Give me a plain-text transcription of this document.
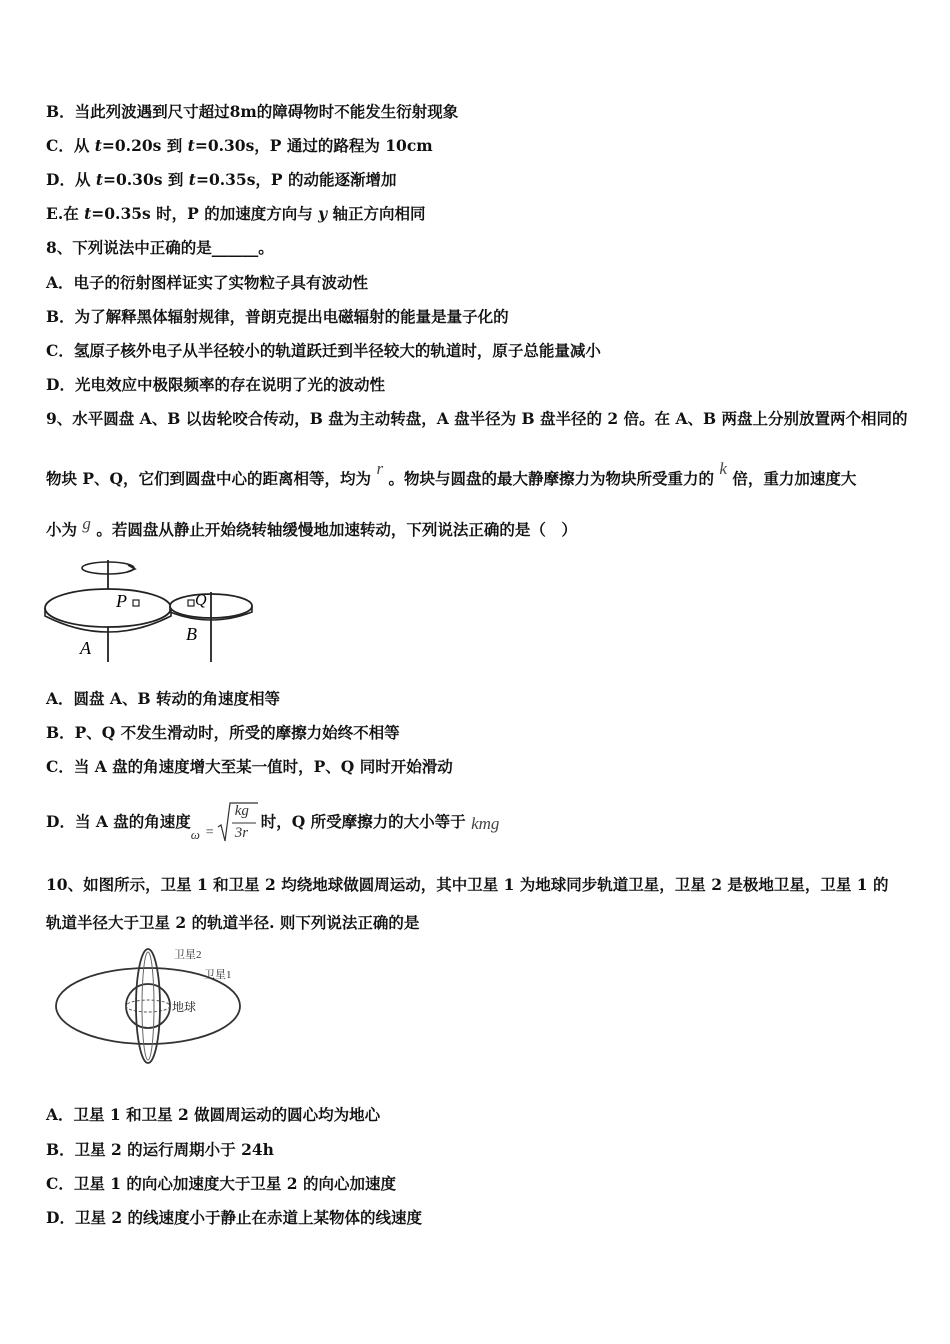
B．当此列波遇到尺寸超过8m的障碍物时不能发生衍射现象
C．从 t=0.20s 到 t=0.30s，P 通过的路程为 10cm
D．从 t=0.30s 到 t=0.35s，P 的动能逐渐增加
E.在 t=0.35s 时，P 的加速度方向与 y 轴正方向相同
8、下列说法中正确的是______。
A．电子的衍射图样证实了实物粒子具有波动性
B．为了解释黑体辐射规律，普朗克提出电磁辐射的能量是量子化的
C．氢原子核外电子从半径较小的轨道跃迁到半径较大的轨道时，原子总能量减小
D．光电效应中极限频率的存在说明了光的波动性
9、水平圆盘 A、B 以齿轮咬合传动，B 盘为主动转盘，A 盘半径为 B 盘半径的 2 倍。在 A、B 两盘上分别放置两个相同的
物块 P、Q，它们到圆盘中心的距离相等，均为 r 。物块与圆盘的最大静摩擦力为物块所受重力的 k 倍，重力加速度大
小为 g 。若圆盘从静止开始绕转轴缓慢地加速转动，下列说法正确的是（　）
P	Q
A
B
A．圆盘 A、B 转动的角速度相等
B．P、Q 不发生滑动时，所受的摩擦力始终不相等
C．当 A 盘的角速度增大至某一值时，P、Q 同时开始滑动
D．当 A 盘的角速度
ω =
kg
3r
时，Q 所受摩擦力的大小等于 kmg
10、如图所示，卫星 1 和卫星 2 均绕地球做圆周运动，其中卫星 1 为地球同步轨道卫星，卫星 2 是极地卫星，卫星 1 的
轨道半径大于卫星 2 的轨道半径. 则下列说法正确的是
卫星2
卫星1
地球
A．卫星 1 和卫星 2 做圆周运动的圆心均为地心
B．卫星 2 的运行周期小于 24h
C．卫星 1 的向心加速度大于卫星 2 的向心加速度
D．卫星 2 的线速度小于静止在赤道上某物体的线速度
